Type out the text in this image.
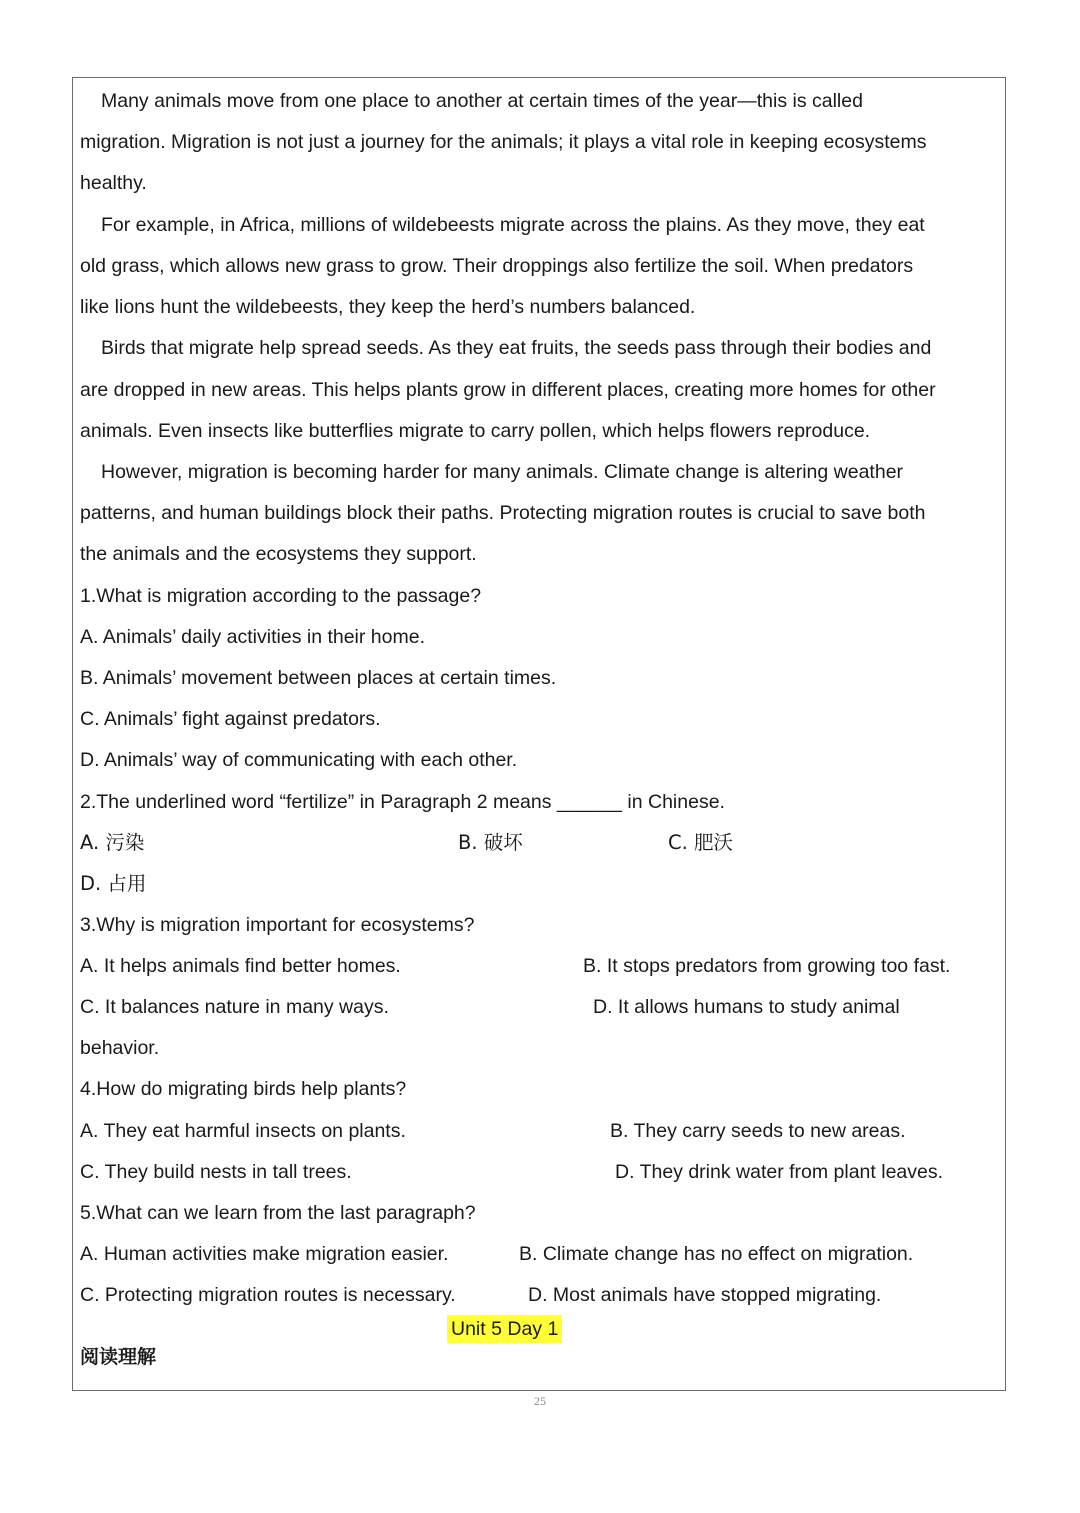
Many animals move from one place to another at certain times of the year—this is called
migration. Migration is not just a journey for the animals; it plays a vital role in keeping ecosystems
healthy.
For example, in Africa, millions of wildebeests migrate across the plains. As they move, they eat
old grass, which allows new grass to grow. Their droppings also fertilize the soil. When predators
like lions hunt the wildebeests, they keep the herd’s numbers balanced.
Birds that migrate help spread seeds. As they eat fruits, the seeds pass through their bodies and
are dropped in new areas. This helps plants grow in different places, creating more homes for other
animals. Even insects like butterflies migrate to carry pollen, which helps flowers reproduce.
However, migration is becoming harder for many animals. Climate change is altering weather
patterns, and human buildings block their paths. Protecting migration routes is crucial to save both
the animals and the ecosystems they support.
1.What is migration according to the passage?
A. Animals’ daily activities in their home.
B. Animals’ movement between places at certain times.
C. Animals’ fight against predators.
D. Animals’ way of communicating with each other.
2.The underlined word “fertilize” in Paragraph 2 means ______ in Chinese.
A. 污染	B. 破坏	C. 肥沃
D. 占用
3.Why is migration important for ecosystems?
A. It helps animals find better homes.	B. It stops predators from growing too fast.
C. It balances nature in many ways.	D. It allows humans to study animal
behavior.
4.How do migrating birds help plants?
A. They eat harmful insects on plants.	B. They carry seeds to new areas.
C. They build nests in tall trees.	D. They drink water from plant leaves.
5.What can we learn from the last paragraph?
A. Human activities make migration easier.	B. Climate change has no effect on migration.
C. Protecting migration routes is necessary.	D. Most animals have stopped migrating.
Unit 5 Day 1
阅读理解
25
